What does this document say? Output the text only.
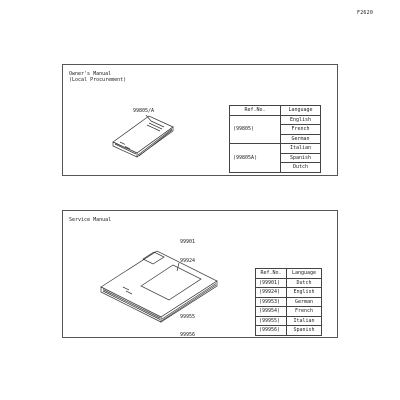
F2620
Owner's Manual
(Local Procurement)
99805/A	Ref.No.	Language
(99805)	English
	French
	German
(99805A)	Italian
	Spanish
	Dutch
Service Manual

99901

99924

99955

99956

Ref.No.	Language
(99901)	Dutch
(99924)	English
(99953)	German
(99954)	French
(99955)	Italian
(99956)	Spanish
